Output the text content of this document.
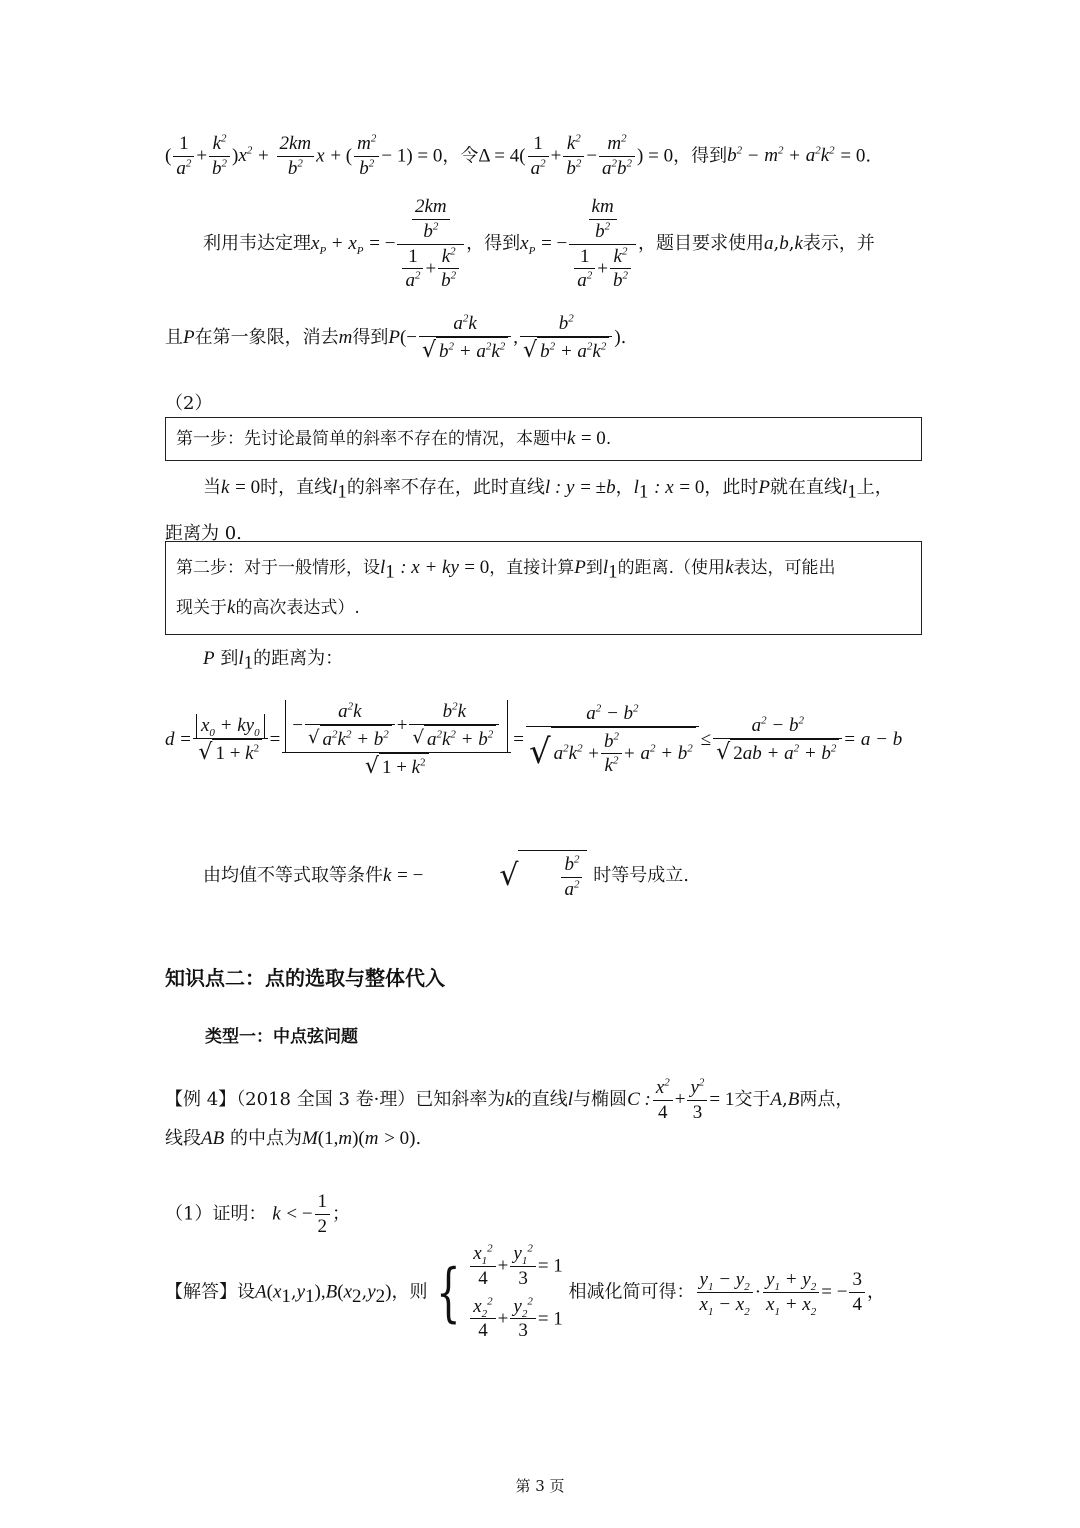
( $\frac{1}{a^2} + \frac{k^2}{b^2} )x^2 + \frac{2km}{b^2}$ x + ( $\frac{m^2}{b^2} - 1) = 0$，令$\Delta = 4( \frac{1}{a^2} + \frac{k^2}{b^2} - \frac{m^2}{a^2b^2}$ ) = 0，得到$b^2 - m^2 + a^2k^2 = 0$.
利用韦达定理$x_P + x_P$ = − $\frac{\frac{2km}{b^2}}{\frac{1}{a^2} + \frac{k^2}{b^2}}$ ，得到$x_P$ = − $\frac{\frac{km}{b^2}}{\frac{1}{a^2} + \frac{k^2}{b^2}}$ ，题目要求使用a,b,k表示，并
且P在第一象限，消去m得到$P(- \frac{a^2k}{√ b^2 + a^2k^2}$ , $\frac{b^2}{√ b^2 + a^2k^2}$ ).
（2）
第一步：先讨论最简单的斜率不存在的情况，本题中k = 0.
当k = 0时，直线$l_1$的斜率不存在，此时直线l : y = ±b，$l_1$ : x = 0，此时P就在直线$l_1$上，
距离为 0.
第二步：对于一般情形，设$l_1$ : x + ky = 0，直接计算P到$l_1$的距离.（使用k表达，可能出
现关于k的高次表达式）.
P 到$l_1$的距离为：
$d = \frac{x_0 + ky_0}{√ 1 + k^2} = \frac{- \frac{a^2k}{√ a^2k^2 + b^2} + \frac{b^2k}{√ a^2k^2 + b^2}}{√ 1 + k^2} = \frac{a^2 - b^2}{√ a^2k^2 + \frac{b^2}{k^2} + a^2 + b^2} \le \frac{a^2 - b^2}{√ 2ab + a^2 + b^2} = a - b$
由均值不等式取等条件k = −	√ $\frac{b^2}{a^2}$ 时等号成立.
知识点二：点的选取与整体代入
类型一：中点弦问题
【例 4】（2018 全国 3 卷·理）已知斜率为k的直线l与椭圆C : $\frac{x^2}{4} + \frac{y^2}{3} = 1$交于A,B两点，
线段AB 的中点为M(1,m)(m > 0).
（1）证明： k < − $\frac{1}{2}$ ；
【解答】设$A(x_1,y_1),B(x_2,y_2)$，则 { $\frac{x_1^2}{4} + \frac{y_1^2}{3} = 1$
$\frac{x_2^2}{4} + \frac{y_2^2}{3} = 1$
相减化简可得： $\frac{y_1 - y_2}{x_1 - x_2} \cdot \frac{y_1 + y_2}{x_1 + x_2}$ = − $\frac{3}{4}$ ，
第 3 页
